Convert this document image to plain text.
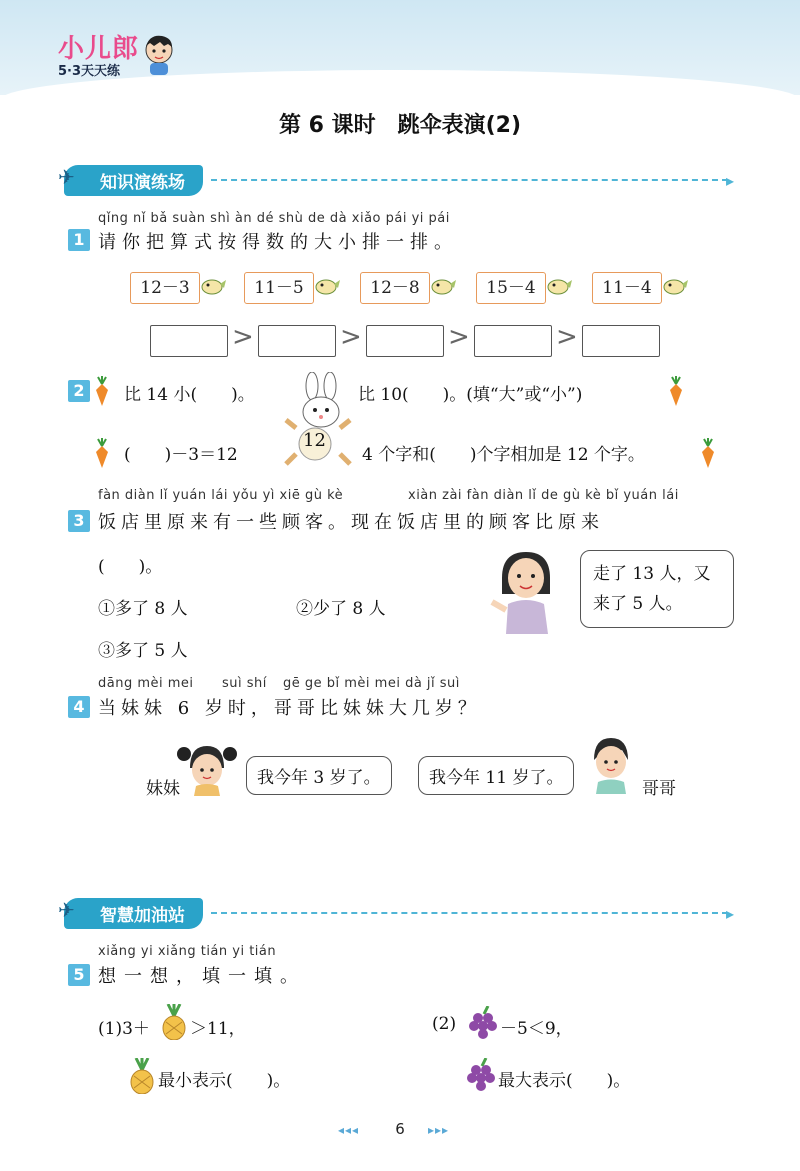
小儿郎
5·3天天练
第 6 课时　跳伞表演(2)
✈ 知识演练场	▸
qǐng nǐ bǎ suàn shì àn dé shù de dà xiǎo pái yi pái
1 请你把算式按得数的大小排一排。
12－3	11－5	12－8	15－4	11－4
>	>	>	>
2	比 14 小(　　)。
12
比 10(　　)。(填“大”或“小”)
(　　)－3＝12	4 个字和(　　)个字相加是 12 个字。
fàn diàn lǐ yuán lái yǒu yì xiē gù kè	xiàn zài fàn diàn lǐ de gù kè bǐ yuán lái
3 饭店里原来有一些顾客。现在饭店里的顾客比原来
(　　)。
①多了 8 人	②少了 8 人
③多了 5 人
走了 13 人，又
来了 5 人。
dāng mèi mei suì shí gē ge bǐ mèi mei dà jǐ suì
4 当妹妹 6 岁时，哥哥比妹妹大几岁？
妹妹
我今年 3 岁了。	我今年 11 岁了。
哥哥
✈ 智慧加油站	▸
xiǎng yi xiǎng tián yi tián
5 想一想，填一填。
(1)3＋ ＞11，
最小表示(　　)。
(2)	－5＜9，
最大表示(　　)。
◂◂◂	6	▸▸▸
